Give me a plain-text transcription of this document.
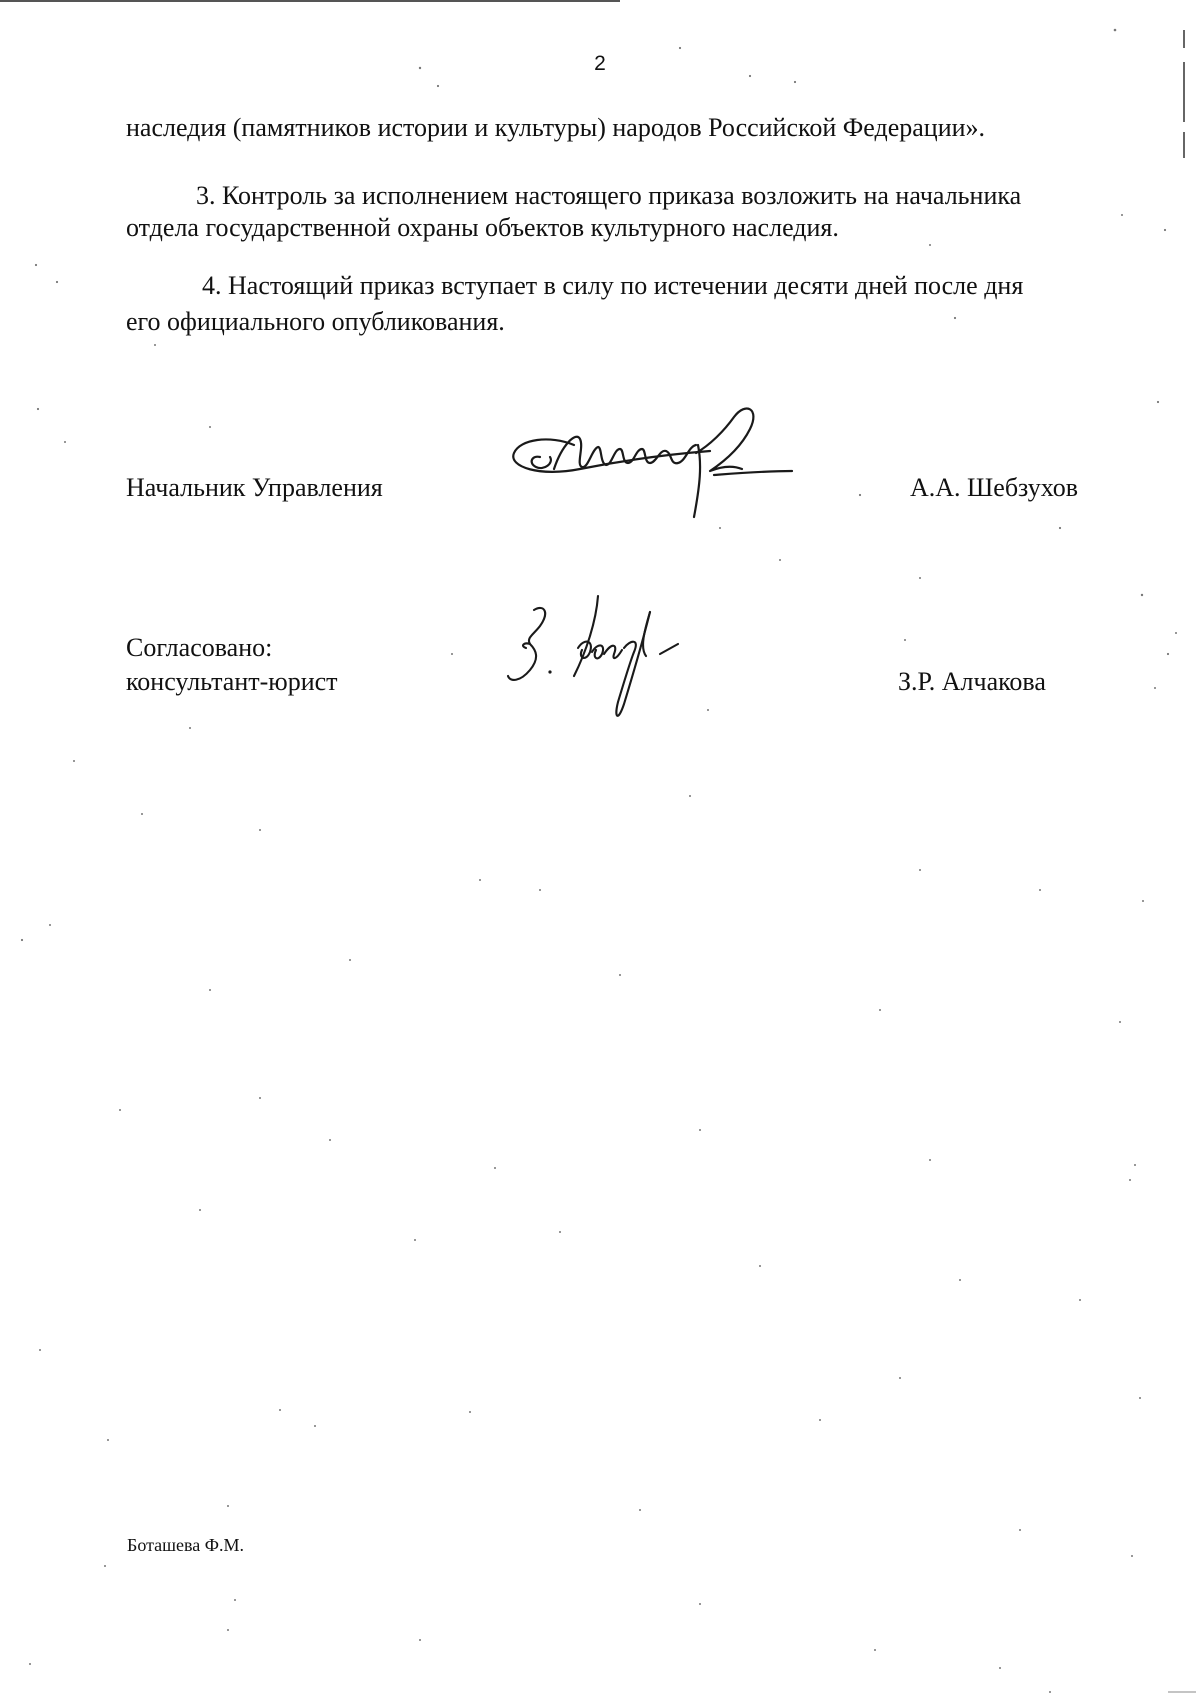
2
наследия (памятников истории и культуры) народов Российской Федерации».
3. Контроль за исполнением настоящего приказа возложить на начальника
отдела государственной охраны объектов культурного наследия.
4. Настоящий приказ вступает в силу по истечении десяти дней после дня
его официального опубликования.
Начальник Управления	А.А. Шебзухов
Согласовано:
консультант-юрист	З.Р. Алчакова
Боташева Ф.М.
